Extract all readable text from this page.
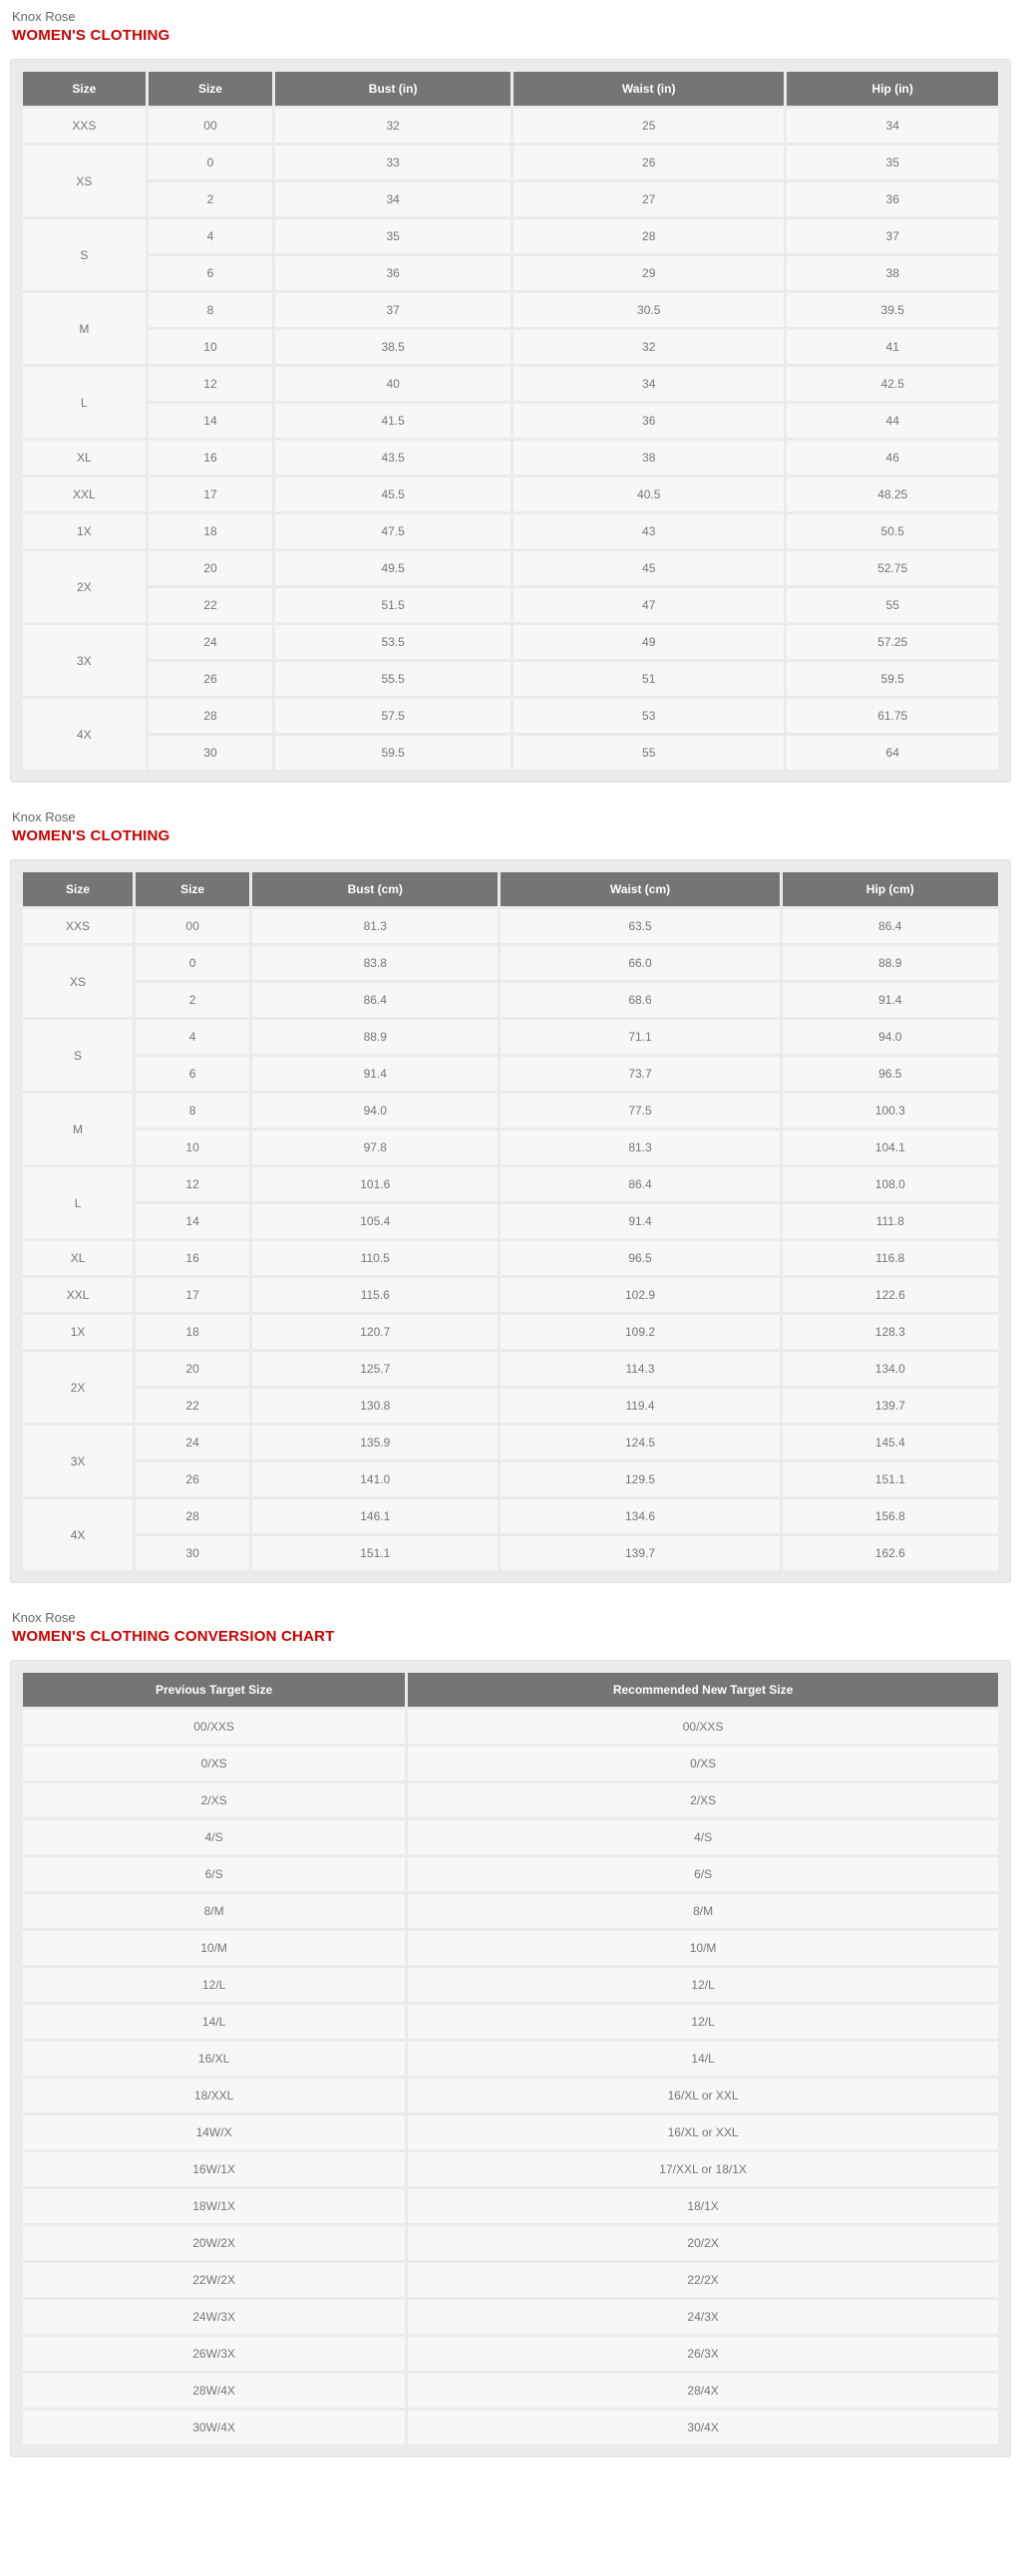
Knox Rose
WOMEN'S CLOTHING
Size	Size	Bust (in)	Waist (in)	Hip (in)
XXS	00	32	25	34
XS	0	33	26	35
	2	34	27	36
S	4	35	28	37
	6	36	29	38
M	8	37	30.5	39.5
	10	38.5	32	41
L	12	40	34	42.5
	14	41.5	36	44
XL	16	43.5	38	46
XXL	17	45.5	40.5	48.25
1X	18	47.5	43	50.5
2X	20	49.5	45	52.75
	22	51.5	47	55
3X	24	53.5	49	57.25
	26	55.5	51	59.5
4X	28	57.5	53	61.75
	30	59.5	55	64
Knox Rose
WOMEN'S CLOTHING
Size	Size	Bust (cm)	Waist (cm)	Hip (cm)
XXS	00	81.3	63.5	86.4
XS	0	83.8	66.0	88.9
	2	86.4	68.6	91.4
S	4	88.9	71.1	94.0
	6	91.4	73.7	96.5
M	8	94.0	77.5	100.3
	10	97.8	81.3	104.1
L	12	101.6	86.4	108.0
	14	105.4	91.4	111.8
XL	16	110.5	96.5	116.8
XXL	17	115.6	102.9	122.6
1X	18	120.7	109.2	128.3
2X	20	125.7	114.3	134.0
	22	130.8	119.4	139.7
3X	24	135.9	124.5	145.4
	26	141.0	129.5	151.1
4X	28	146.1	134.6	156.8
	30	151.1	139.7	162.6
Knox Rose
WOMEN'S CLOTHING CONVERSION CHART
Previous Target Size	Recommended New Target Size
00/XXS	00/XXS
0/XS	0/XS
2/XS	2/XS
4/S	4/S
6/S	6/S
8/M	8/M
10/M	10/M
12/L	12/L
14/L	12/L
16/XL	14/L
18/XXL	16/XL or XXL
14W/X	16/XL or XXL
16W/1X	17/XXL or 18/1X
18W/1X	18/1X
20W/2X	20/2X
22W/2X	22/2X
24W/3X	24/3X
26W/3X	26/3X
28W/4X	28/4X
30W/4X	30/4X
